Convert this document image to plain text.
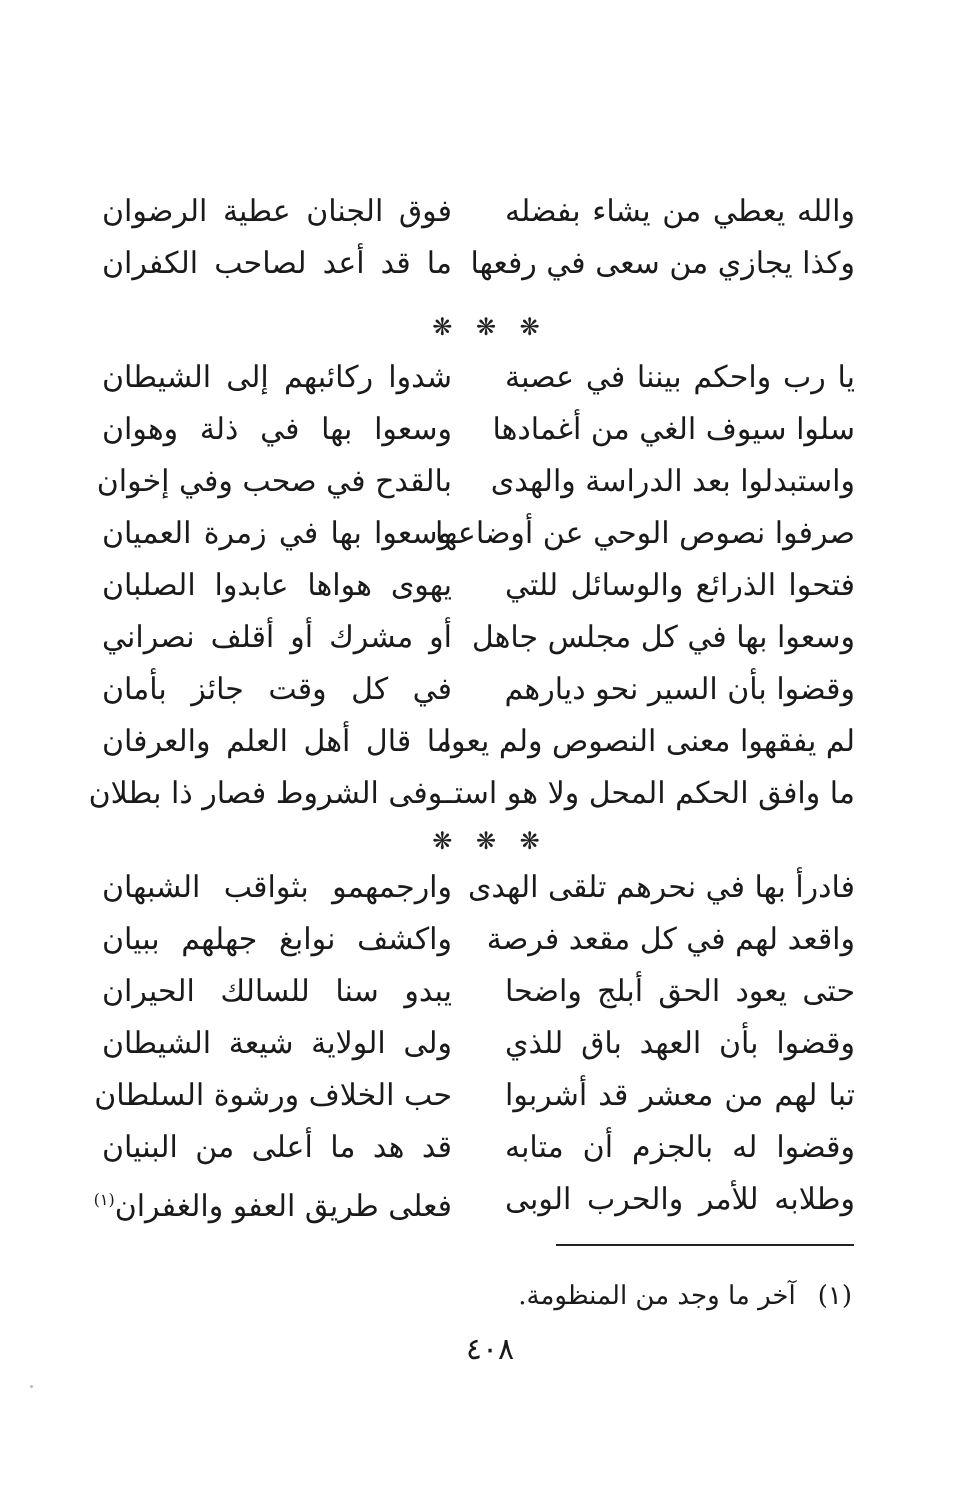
والله يعطي من يشاء بفضله
فوق الجنان عطية الرضوان
وكذا يجازي من سعى في رفعها
ما قد أعد لصاحب الكفران
❋ ❋ ❋
يا رب واحكم بيننا في عصبة
شدوا ركائبهم إلى الشيطان
سلوا سيوف الغي من أغمادها
وسعوا بها في ذلة وهوان
واستبدلوا بعد الدراسة والهدى
بالقدح في صحب وفي إخوان
صرفوا نصوص الوحي عن أوضاعها
وسعوا بها في زمرة العميان
فتحوا الذرائع والوسائل للتي
يهوى هواها عابدوا الصلبان
وسعوا بها في كل مجلس جاهل
أو مشرك أو أقلف نصراني
وقضوا بأن السير نحو ديارهم
في كل وقت جائز بأمان
لم يفقهوا معنى النصوص ولم يعوا
ما قال أهل العلم والعرفان
ما وافق الحكم المحل ولا هو استـ
ـوفى الشروط فصار ذا بطلان
❋ ❋ ❋
فادرأ بها في نحرهم تلقى الهدى
وارجمهمو بثواقب الشبهان
واقعد لهم في كل مقعد فرصة
واكشف نوابغ جهلهم ببيان
حتى يعود الحق أبلج واضحا
يبدو سنا للسالك الحيران
وقضوا بأن العهد باق للذي
ولى الولاية شيعة الشيطان
تبا لهم من معشر قد أشربوا
حب الخلاف ورشوة السلطان
وقضوا له بالجزم أن متابه
قد هد ما أعلى من البنيان
وطلابه للأمر والحرب الوبى
فعلى طريق العفو والغفران$^{(١)}$
(١)آخر ما وجد من المنظومة.
٤٠٨
